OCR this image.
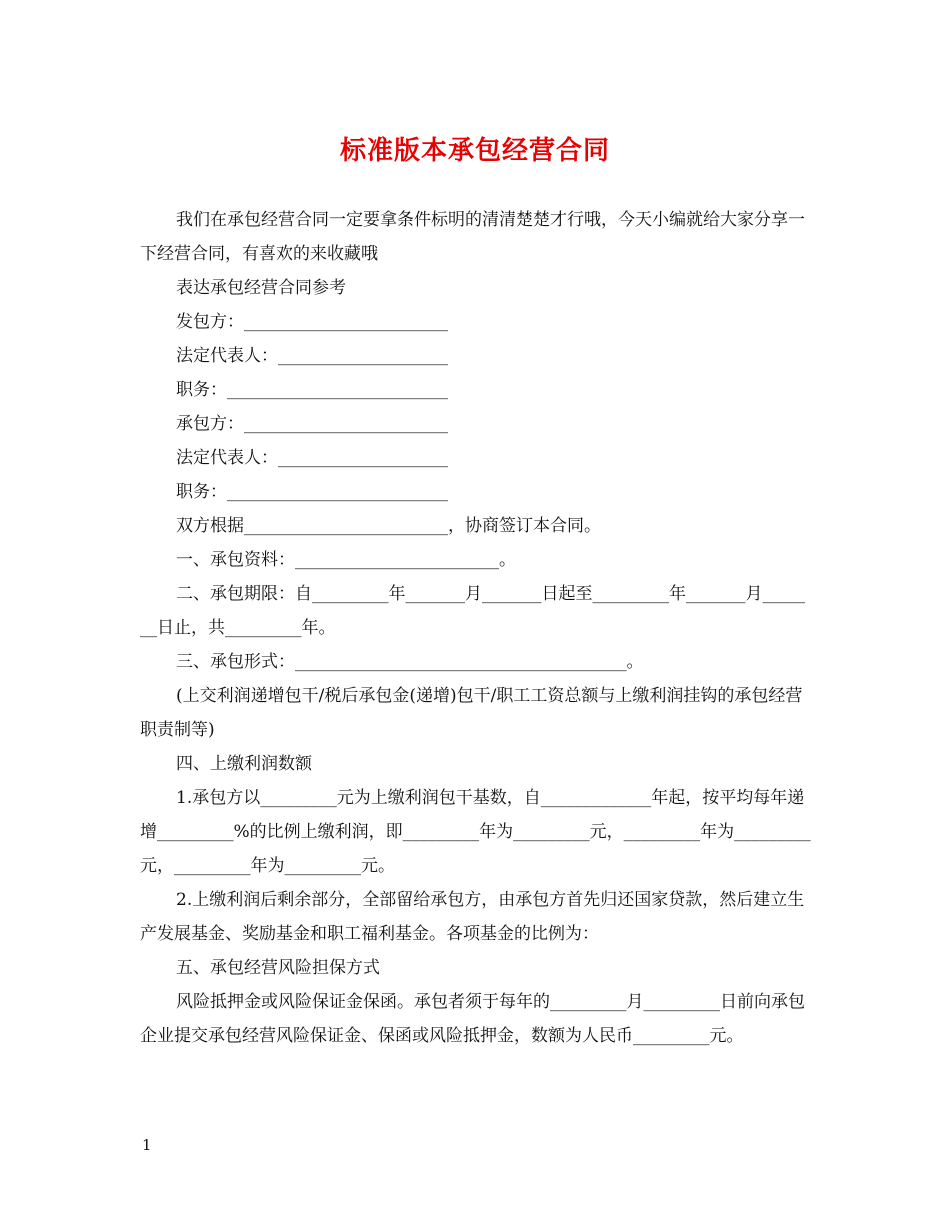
标准版本承包经营合同

我们在承包经营合同一定要拿条件标明的清清楚楚才行哦，今天小编就给大家分享一下经营合同，有喜欢的来收藏哦

表达承包经营合同参考

发包方：________________________

法定代表人：____________________

职务：__________________________

承包方：________________________

法定代表人：____________________

职务：__________________________

双方根据________________________，协商签订本合同。

一、承包资料：________________________。

二、承包期限：自_________年_______月_______日起至_________年_______月_______日止，共_________年。

三、承包形式：_______________________________________。

(上交利润递增包干/税后承包金(递增)包干/职工工资总额与上缴利润挂钩的承包经营职责制等)

四、上缴利润数额

1.承包方以_________元为上缴利润包干基数，自_____________年起，按平均每年递增_________%的比例上缴利润，即_________年为_________元，_________年为_________元，_________年为_________元。

2.上缴利润后剩余部分，全部留给承包方，由承包方首先归还国家贷款，然后建立生产发展基金、奖励基金和职工福利基金。各项基金的比例为：

五、承包经营风险担保方式

风险抵押金或风险保证金保函。承包者须于每年的_________月_________日前向承包企业提交承包经营风险保证金、保函或风险抵押金，数额为人民币_________元。

1
